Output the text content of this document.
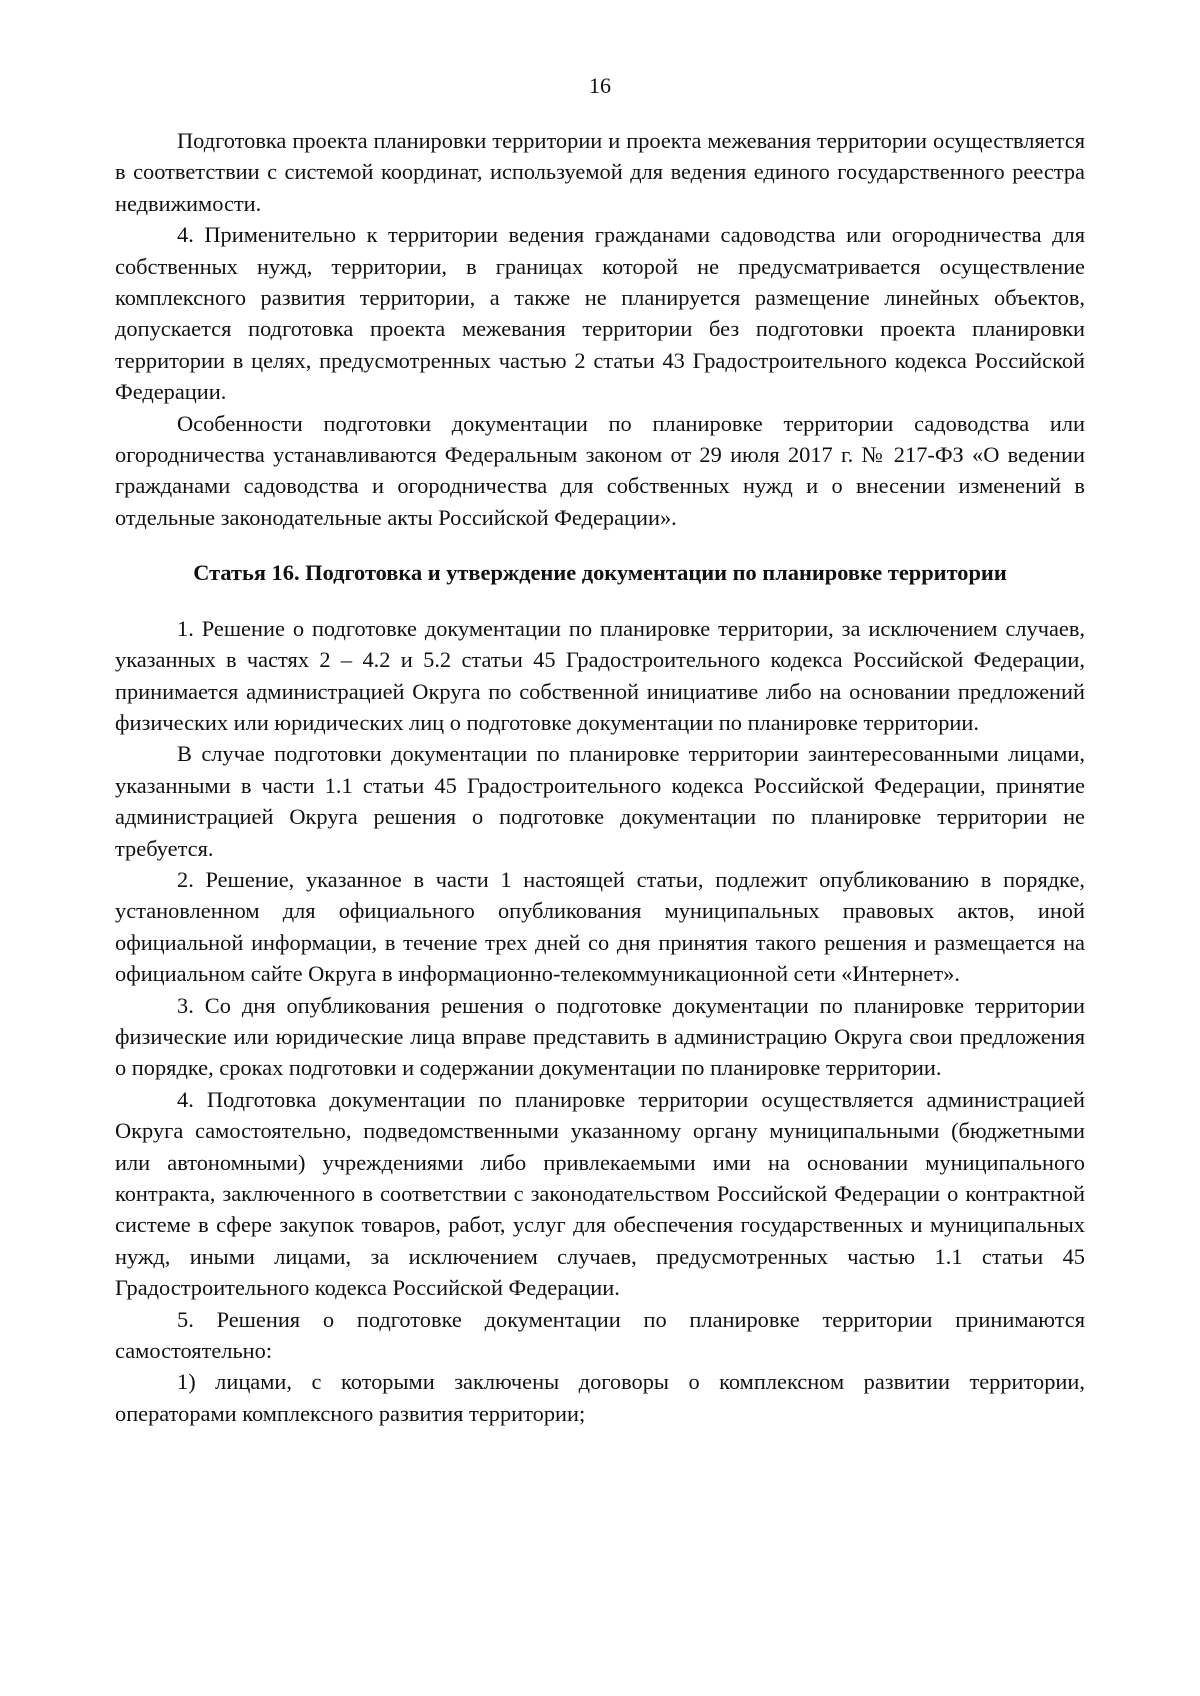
16

Подготовка проекта планировки территории и проекта межевания территории осуществляется в соответствии с системой координат, используемой для ведения единого государственного реестра недвижимости.

4. Применительно к территории ведения гражданами садоводства или огородничества для собственных нужд, территории, в границах которой не предусматривается осуществление комплексного развития территории, а также не планируется размещение линейных объектов, допускается подготовка проекта межевания территории без подготовки проекта планировки территории в целях, предусмотренных частью 2 статьи 43 Градостроительного кодекса Российской Федерации.

Особенности подготовки документации по планировке территории садоводства или огородничества устанавливаются Федеральным законом от 29 июля 2017 г. № 217-ФЗ «О ведении гражданами садоводства и огородничества для собственных нужд и о внесении изменений в отдельные законодательные акты Российской Федерации».

Статья 16. Подготовка и утверждение документации по планировке территории

1. Решение о подготовке документации по планировке территории, за исключением случаев, указанных в частях 2 – 4.2 и 5.2 статьи 45 Градостроительного кодекса Российской Федерации, принимается администрацией Округа по собственной инициативе либо на основании предложений физических или юридических лиц о подготовке документации по планировке территории.

В случае подготовки документации по планировке территории заинтересованными лицами, указанными в части 1.1 статьи 45 Градостроительного кодекса Российской Федерации, принятие администрацией Округа решения о подготовке документации по планировке территории не требуется.

2. Решение, указанное в части 1 настоящей статьи, подлежит опубликованию в порядке, установленном для официального опубликования муниципальных правовых актов, иной официальной информации, в течение трех дней со дня принятия такого решения и размещается на официальном сайте Округа в информационно-телекоммуникационной сети «Интернет».

3. Со дня опубликования решения о подготовке документации по планировке территории физические или юридические лица вправе представить в администрацию Округа свои предложения о порядке, сроках подготовки и содержании документации по планировке территории.

4. Подготовка документации по планировке территории осуществляется администрацией Округа самостоятельно, подведомственными указанному органу муниципальными (бюджетными или автономными) учреждениями либо привлекаемыми ими на основании муниципального контракта, заключенного в соответствии с законодательством Российской Федерации о контрактной системе в сфере закупок товаров, работ, услуг для обеспечения государственных и муниципальных нужд, иными лицами, за исключением случаев, предусмотренных частью 1.1 статьи 45 Градостроительного кодекса Российской Федерации.

5. Решения о подготовке документации по планировке территории принимаются самостоятельно:

1) лицами, с которыми заключены договоры о комплексном развитии территории, операторами комплексного развития территории;
